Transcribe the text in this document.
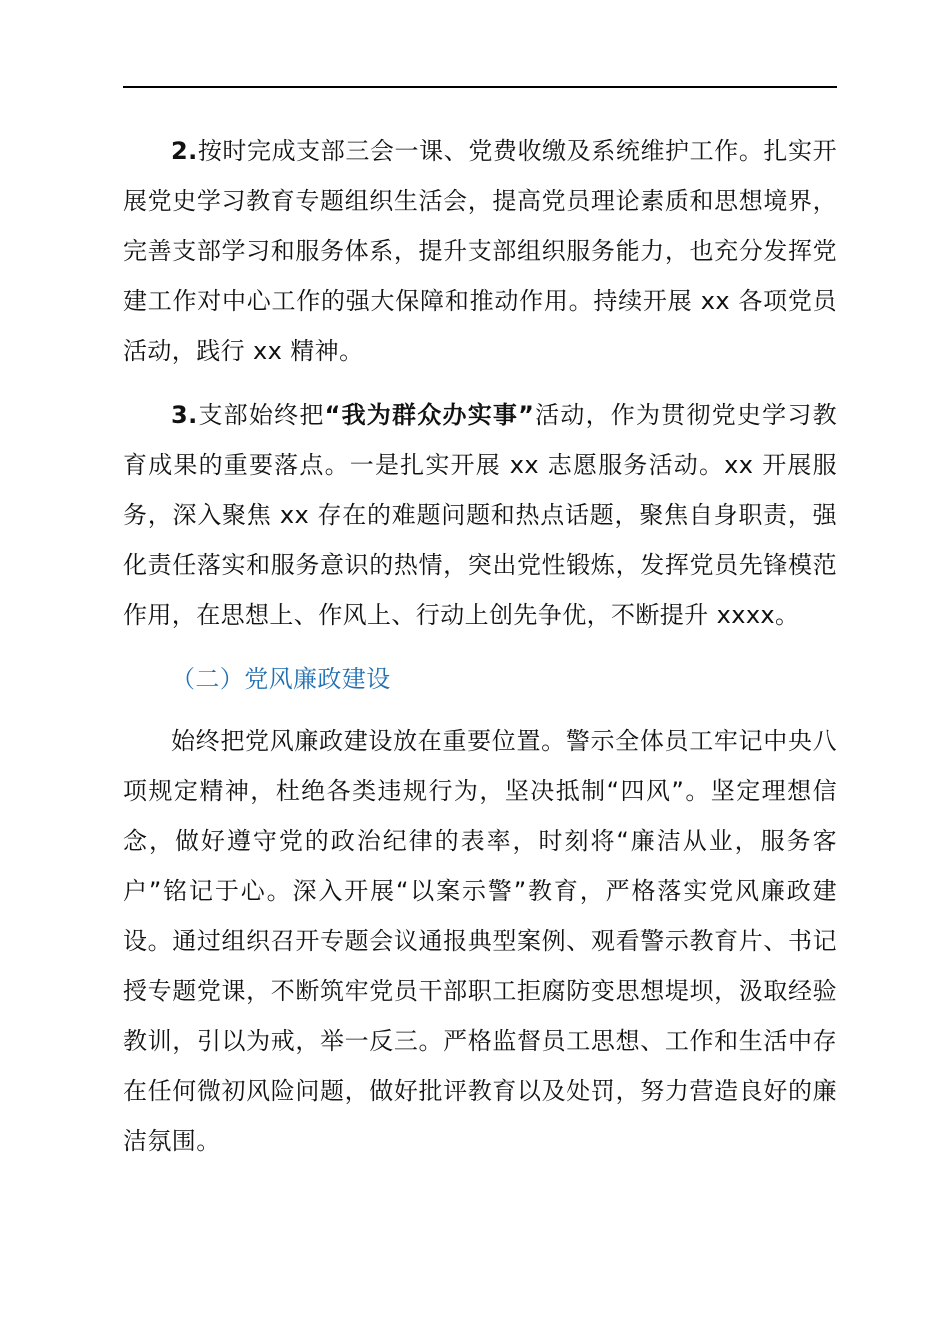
2.按时完成支部三会一课、党费收缴及系统维护工作。扎实开展党史学习教育专题组织生活会，提高党员理论素质和思想境界，完善支部学习和服务体系，提升支部组织服务能力，也充分发挥党建工作对中心工作的强大保障和推动作用。持续开展 xx 各项党员活动，践行 xx 精神。

3.支部始终把“我为群众办实事”活动，作为贯彻党史学习教育成果的重要落点。一是扎实开展 xx 志愿服务活动。xx 开展服务，深入聚焦 xx 存在的难题问题和热点话题，聚焦自身职责，强化责任落实和服务意识的热情，突出党性锻炼，发挥党员先锋模范作用，在思想上、作风上、行动上创先争优，不断提升 xxxx。

（二）党风廉政建设

始终把党风廉政建设放在重要位置。警示全体员工牢记中央八项规定精神，杜绝各类违规行为，坚决抵制“四风”。坚定理想信念，做好遵守党的政治纪律的表率，时刻将“廉洁从业，服务客户”铭记于心。深入开展“以案示警”教育，严格落实党风廉政建设。通过组织召开专题会议通报典型案例、观看警示教育片、书记授专题党课，不断筑牢党员干部职工拒腐防变思想堤坝，汲取经验教训，引以为戒，举一反三。严格监督员工思想、工作和生活中存在任何微初风险问题，做好批评教育以及处罚，努力营造良好的廉洁氛围。
